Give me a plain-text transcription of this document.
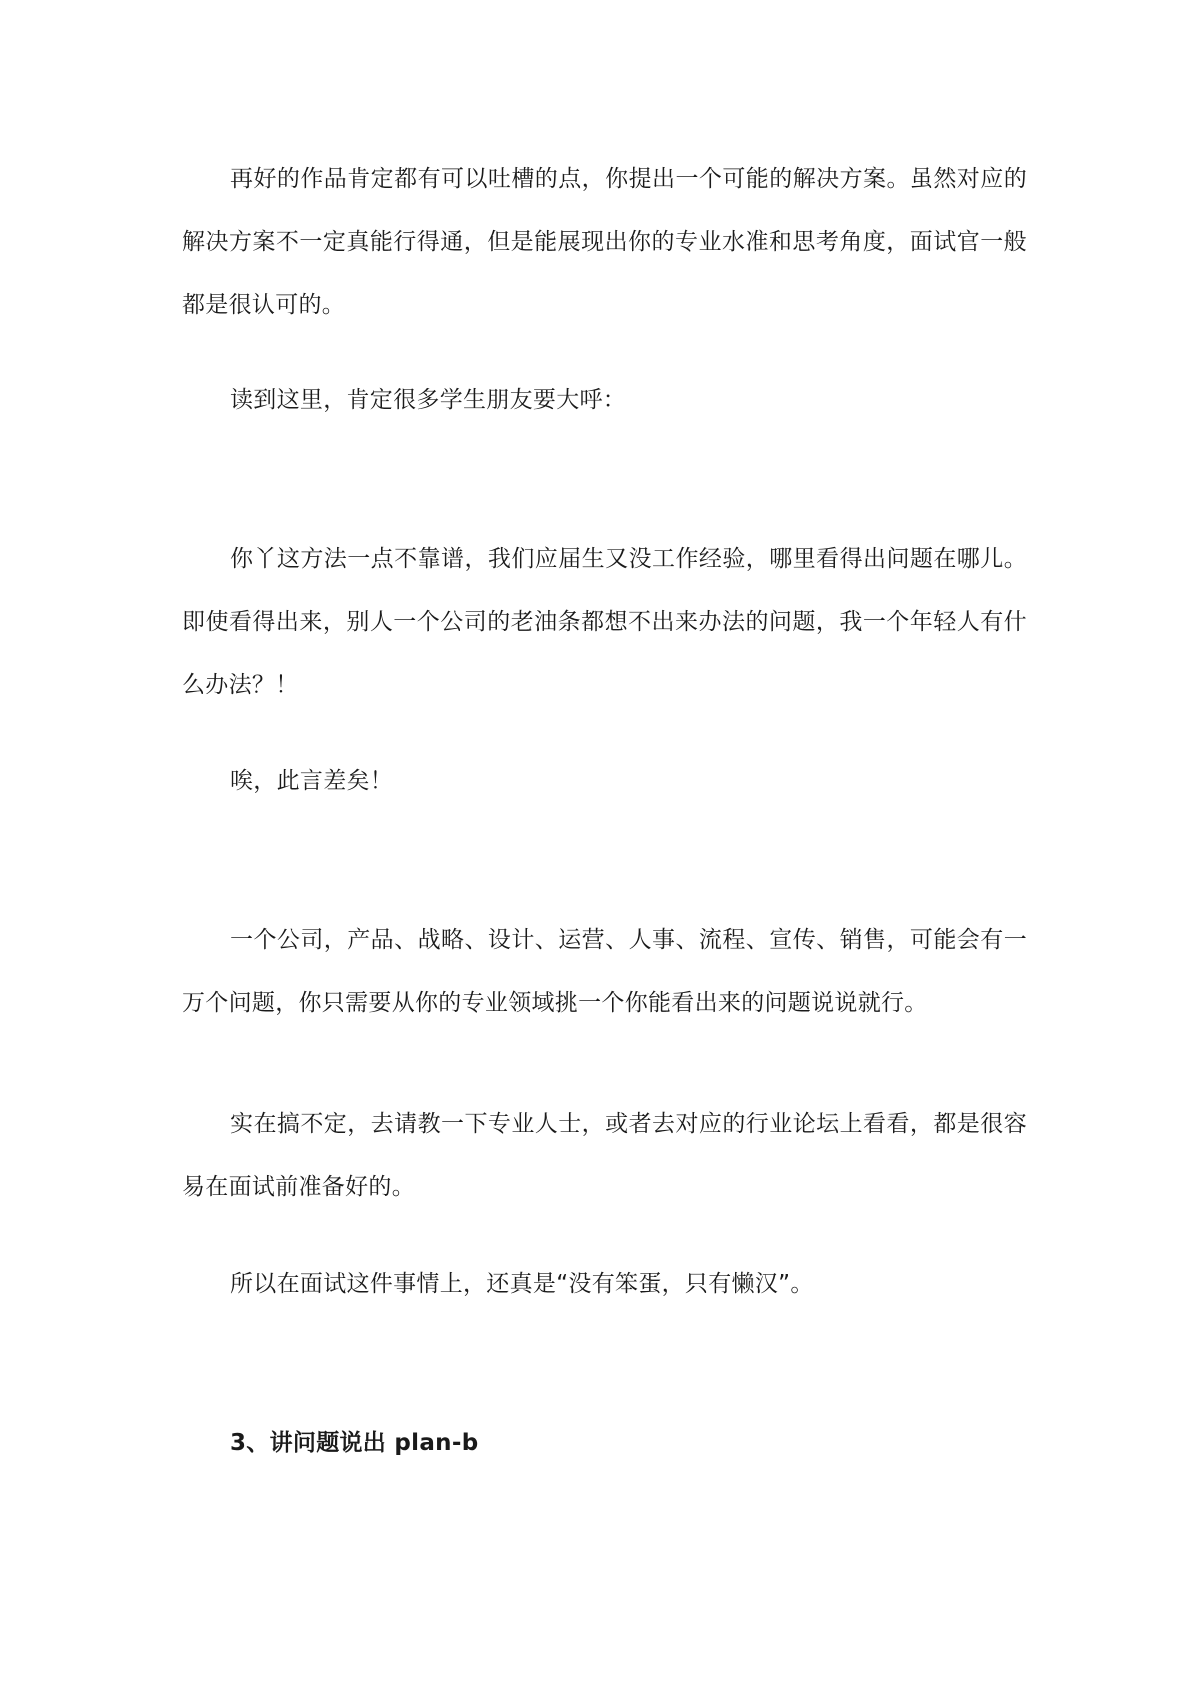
再好的作品肯定都有可以吐槽的点，你提出一个可能的解决方案。虽然对应的解决方案不一定真能行得通，但是能展现出你的专业水准和思考角度，面试官一般都是很认可的。

读到这里，肯定很多学生朋友要大呼：

你丫这方法一点不靠谱，我们应届生又没工作经验，哪里看得出问题在哪儿。即使看得出来，别人一个公司的老油条都想不出来办法的问题，我一个年轻人有什么办法？！

唉，此言差矣！

一个公司，产品、战略、设计、运营、人事、流程、宣传、销售，可能会有一万个问题，你只需要从你的专业领域挑一个你能看出来的问题说说就行。

实在搞不定，去请教一下专业人士，或者去对应的行业论坛上看看，都是很容易在面试前准备好的。

所以在面试这件事情上，还真是“没有笨蛋，只有懒汉”。

3、讲问题说出 plan-b
